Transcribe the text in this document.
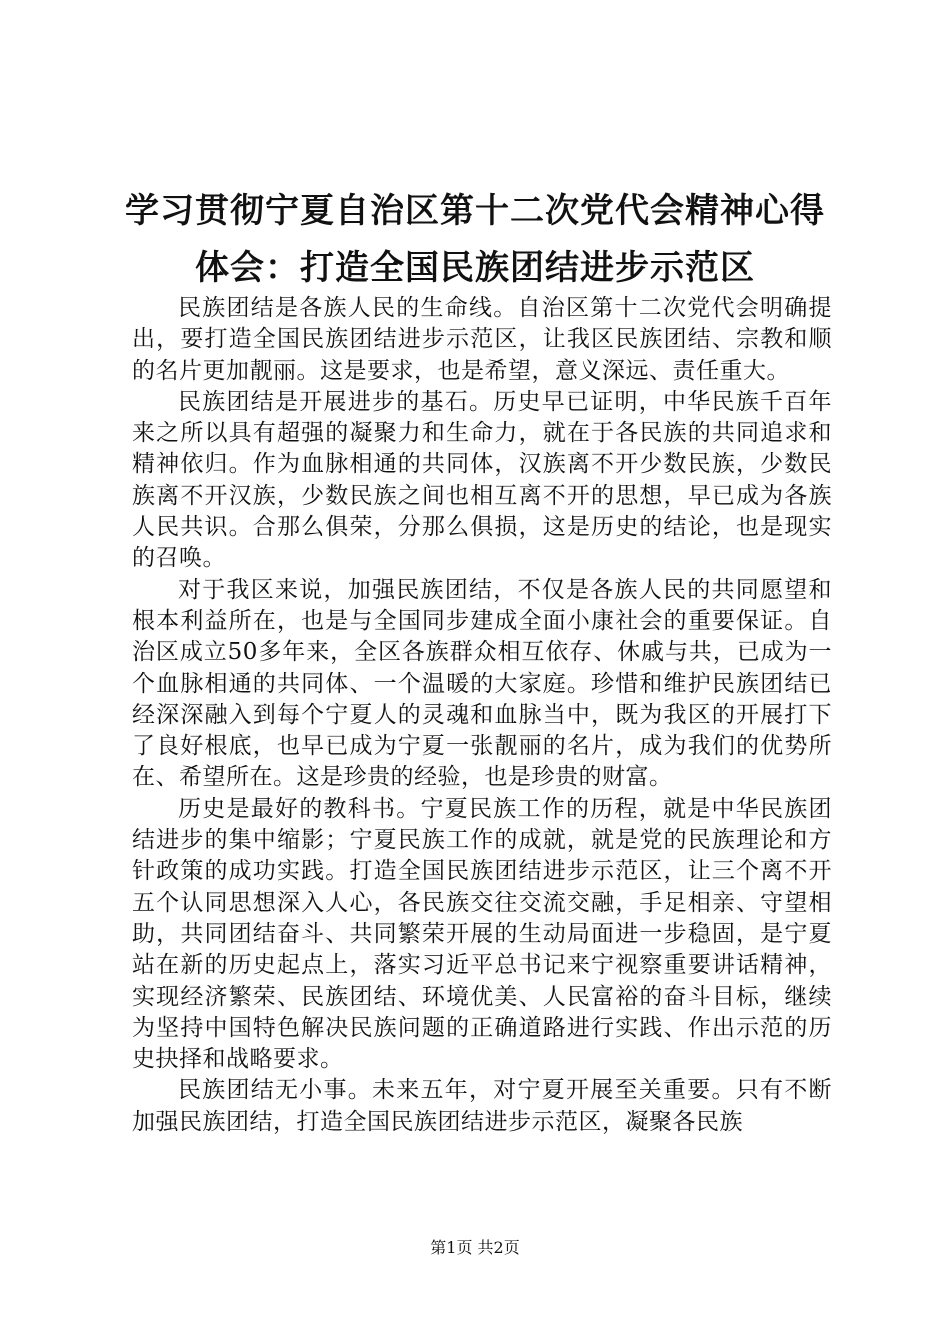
学习贯彻宁夏自治区第十二次党代会精神心得
体会：打造全国民族团结进步示范区

民族团结是各族人民的生命线。自治区第十二次党代会明确提出，要打造全国民族团结进步示范区，让我区民族团结、宗教和顺的名片更加靓丽。这是要求，也是希望，意义深远、责任重大。

民族团结是开展进步的基石。历史早已证明，中华民族千百年来之所以具有超强的凝聚力和生命力，就在于各民族的共同追求和精神依归。作为血脉相通的共同体，汉族离不开少数民族，少数民族离不开汉族，少数民族之间也相互离不开的思想，早已成为各族人民共识。合那么俱荣，分那么俱损，这是历史的结论，也是现实的召唤。

对于我区来说，加强民族团结，不仅是各族人民的共同愿望和根本利益所在，也是与全国同步建成全面小康社会的重要保证。自治区成立50多年来，全区各族群众相互依存、休戚与共，已成为一个血脉相通的共同体、一个温暖的大家庭。珍惜和维护民族团结已经深深融入到每个宁夏人的灵魂和血脉当中，既为我区的开展打下了良好根底，也早已成为宁夏一张靓丽的名片，成为我们的优势所在、希望所在。这是珍贵的经验，也是珍贵的财富。

历史是最好的教科书。宁夏民族工作的历程，就是中华民族团结进步的集中缩影；宁夏民族工作的成就，就是党的民族理论和方针政策的成功实践。打造全国民族团结进步示范区，让三个离不开五个认同思想深入人心，各民族交往交流交融，手足相亲、守望相助，共同团结奋斗、共同繁荣开展的生动局面进一步稳固，是宁夏站在新的历史起点上，落实习近平总书记来宁视察重要讲话精神，实现经济繁荣、民族团结、环境优美、人民富裕的奋斗目标，继续为坚持中国特色解决民族问题的正确道路进行实践、作出示范的历史抉择和战略要求。

民族团结无小事。未来五年，对宁夏开展至关重要。只有不断加强民族团结，打造全国民族团结进步示范区，凝聚各民族

第1页 共2页
